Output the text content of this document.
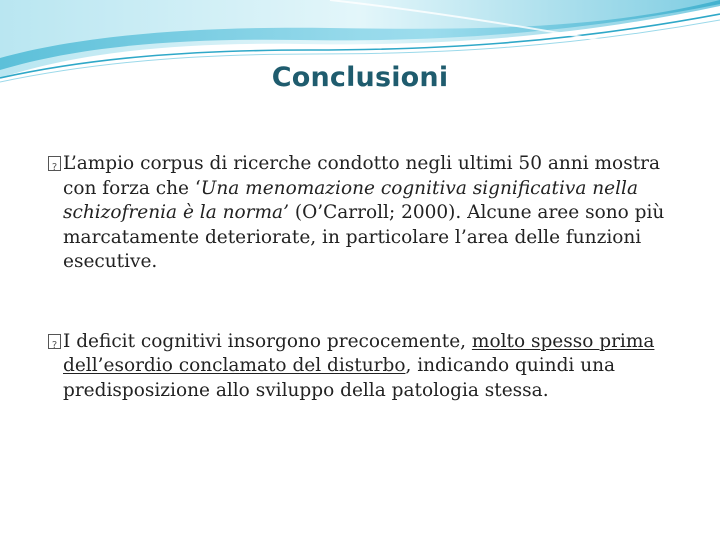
Conclusioni
?
L’ampio corpus di ricerche condotto negli ultimi 50 anni mostra con forza che ‘Una menomazione cognitiva significativa nella schizofrenia è la norma’ (O’Carroll; 2000). Alcune aree sono più marcatamente deteriorate, in particolare l’area delle funzioni esecutive.
?
I deficit cognitivi insorgono precocemente, molto spesso prima dell’esordio conclamato del disturbo, indicando quindi una predisposizione allo sviluppo della patologia stessa.
